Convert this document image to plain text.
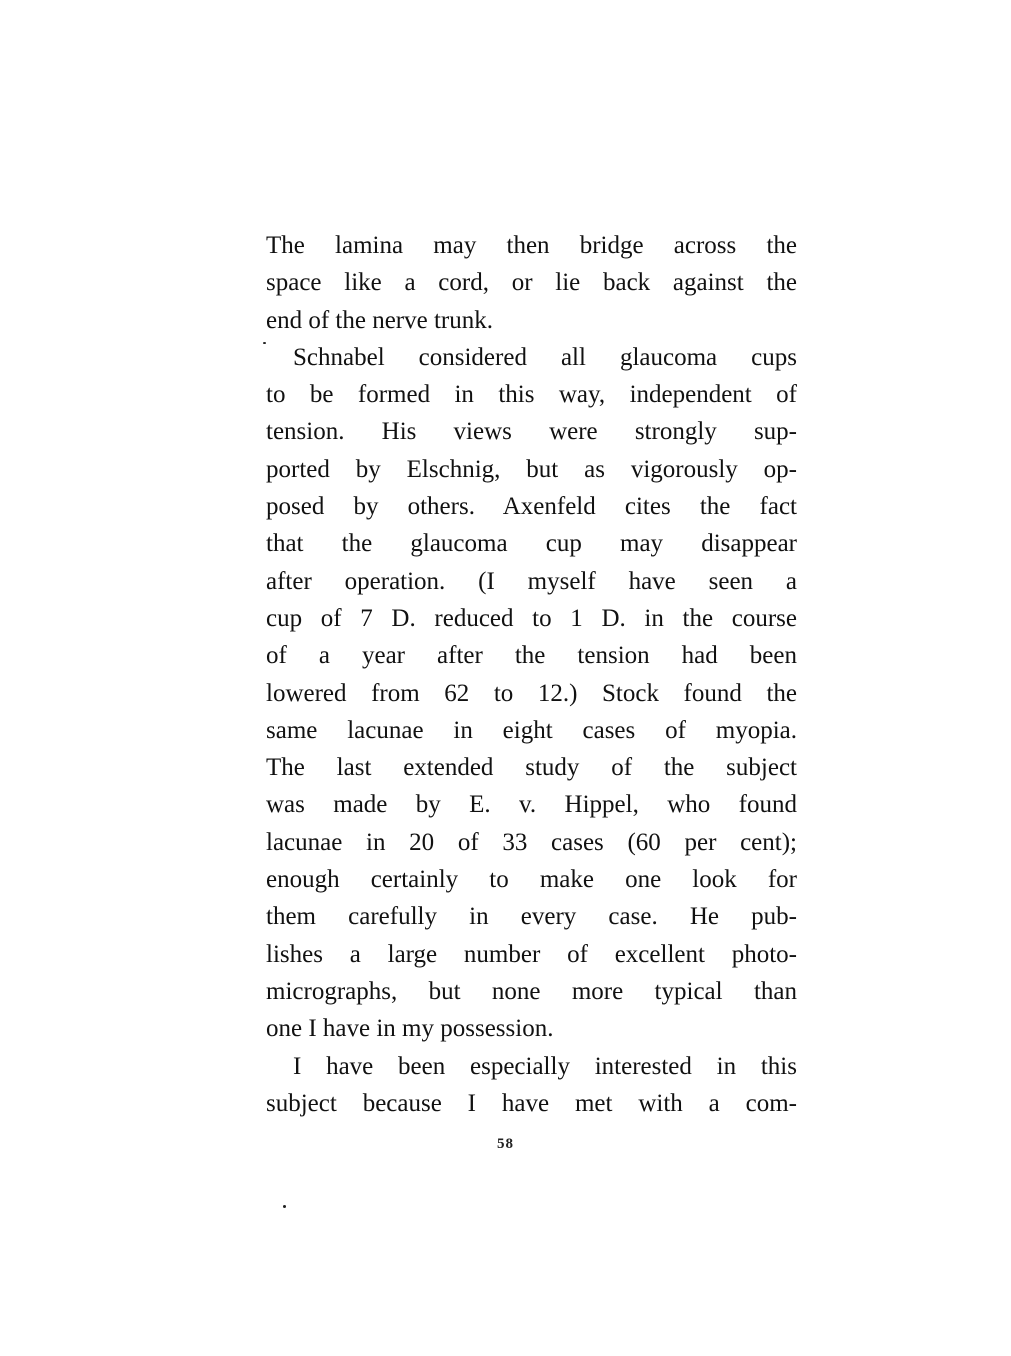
The lamina may then bridge across the
space like a cord, or lie back against the
end of the nerve trunk.
Schnabel considered all glaucoma cups
to be formed in this way, independent of
tension. His views were strongly sup-
ported by Elschnig, but as vigorously op-
posed by others. Axenfeld cites the fact
that the glaucoma cup may disappear
after operation. (I myself have seen a
cup of 7 D. reduced to 1 D. in the course
of a year after the tension had been
lowered from 62 to 12.) Stock found the
same lacunae in eight cases of myopia.
The last extended study of the subject
was made by E. v. Hippel, who found
lacunae in 20 of 33 cases (60 per cent);
enough certainly to make one look for
them carefully in every case. He pub-
lishes a large number of excellent photo-
micrographs, but none more typical than
one I have in my possession.
I have been especially interested in this
subject because I have met with a com-
58
